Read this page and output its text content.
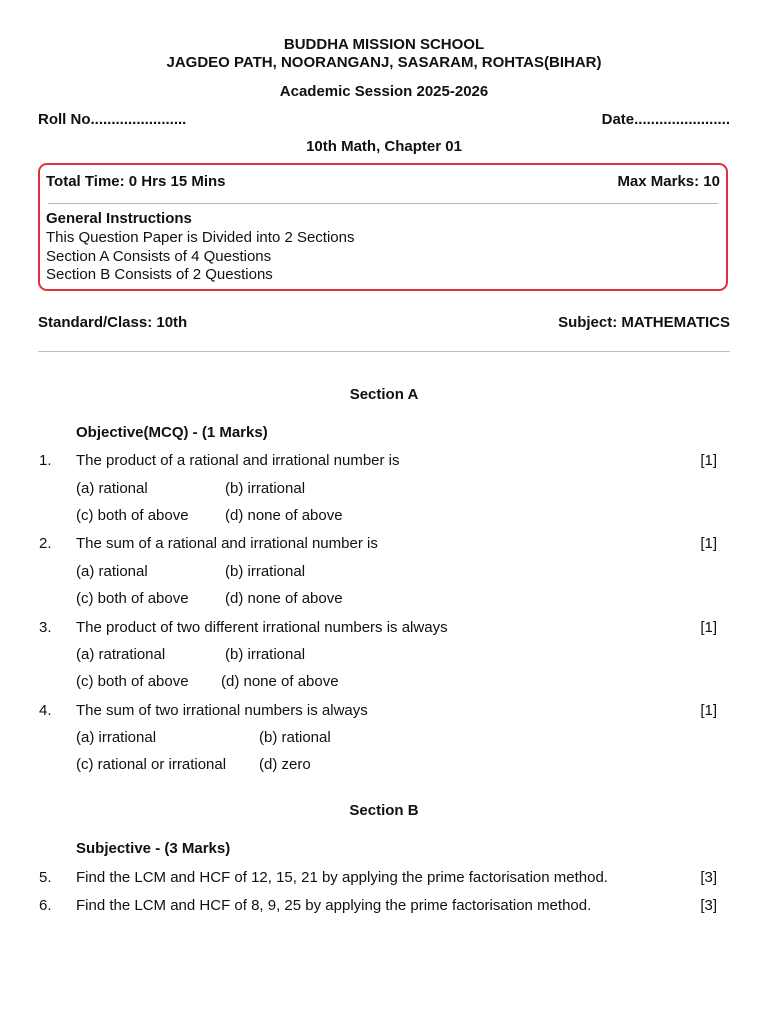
BUDDHA MISSION SCHOOL
JAGDEO PATH, NOORANGANJ, SASARAM, ROHTAS(BIHAR)
Academic Session 2025-2026
Roll No.......................	Date.......................
10th Math, Chapter 01
Total Time: 0 Hrs 15 Mins	Max Marks: 10
General Instructions
This Question Paper is Divided into 2 Sections
Section A Consists of 4 Questions
Section B Consists of 2 Questions
Standard/Class: 10th	Subject: MATHEMATICS
Section A
Objective(MCQ) - (1 Marks)
1. The product of a rational and irrational number is	[1]
(a) rational	(b) irrational
(c) both of above (d) none of above
2. The sum of a rational and irrational number is	[1]
(a) rational	(b) irrational
(c) both of above (d) none of above
3. The product of two different irrational numbers is always	[1]
(a) ratrational	(b) irrational
(c) both of above (d) none of above
4. The sum of two irrational numbers is always	[1]
(a) irrational	(b) rational
(c) rational or irrational (d) zero
Section B
Subjective - (3 Marks)
5. Find the LCM and HCF of 12, 15, 21 by applying the prime factorisation method.	[3]
6. Find the LCM and HCF of 8, 9, 25 by applying the prime factorisation method.	[3]
